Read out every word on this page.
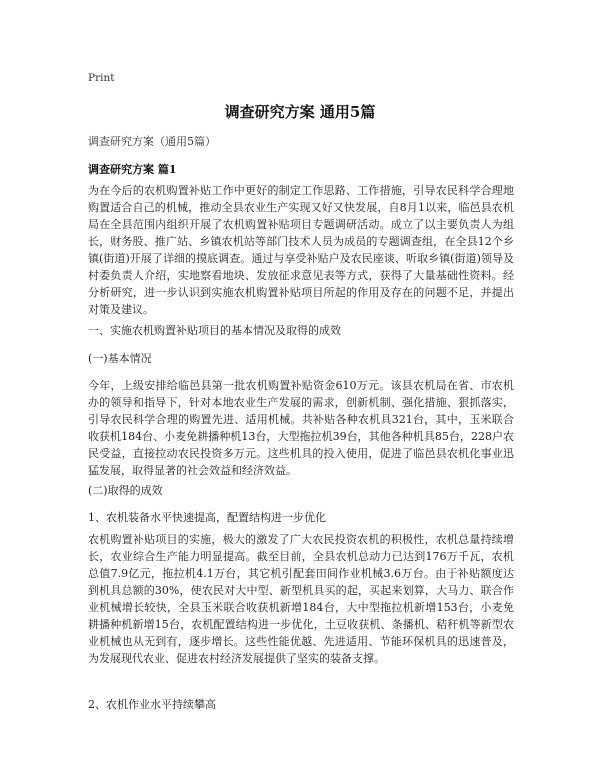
Print
调查研究方案 通用5篇
调查研究方案（通用5篇）
调查研究方案 篇1

为在今后的农机购置补贴工作中更好的制定工作思路、工作措施，引导农民科学合理地购置适合自己的机械，推动全县农业生产实现又好又快发展，自8月1以来，临邑县农机局在全县范围内组织开展了农机购置补贴项目专题调研活动。成立了以主要负责人为组长，财务股、推广站、乡镇农机站等部门技术人员为成员的专题调查组，在全县12个乡镇(街道)开展了详细的摸底调查。通过与享受补贴户及农民座谈、听取乡镇(街道)领导及村委负责人介绍，实地察看地块、发放征求意见表等方式，获得了大量基础性资料。经分析研究，进一步认识到实施农机购置补贴项目所起的作用及存在的问题不足，并提出对策及建议。

一、实施农机购置补贴项目的基本情况及取得的成效
(一)基本情况

今年，上级安排给临邑县第一批农机购置补贴资金610万元。该县农机局在省、市农机办的领导和指导下，针对本地农业生产发展的需求，创新机制、强化措施、狠抓落实，引导农民科学合理的购置先进、适用机械。共补贴各种农机具321台，其中，玉米联合收获机184台、小麦免耕播种机13台，大型拖拉机39台，其他各种机具85台，228户农民受益，直接拉动农民投资多万元。这些机具的投入使用，促进了临邑县农机化事业迅猛发展，取得显著的社会效益和经济效益。

(二)取得的成效
1、农机装备水平快速提高，配置结构进一步优化

农机购置补贴项目的实施，极大的激发了广大农民投资农机的积极性，农机总量持续增长，农业综合生产能力明显提高。截至目前，全县农机总动力已达到176万千瓦，农机总值7.9亿元，拖拉机4.1万台，其它机引配套田间作业机械3.6万台。由于补贴额度达到机具总额的30%，使农民对大中型、新型机具买的起，买起来划算，大马力、联合作业机械增长较快，全县玉米联合收获机新增184台，大中型拖拉机新增153台，小麦免耕播种机新增15台，农机配置结构进一步优化，土豆收获机、条播机、秸秆机等新型农业机械也从无到有，逐步增长。这些性能优越、先进适用、节能环保机具的迅速普及，为发展现代农业、促进农村经济发展提供了坚实的装备支撑。

2、农机作业水平持续攀高
